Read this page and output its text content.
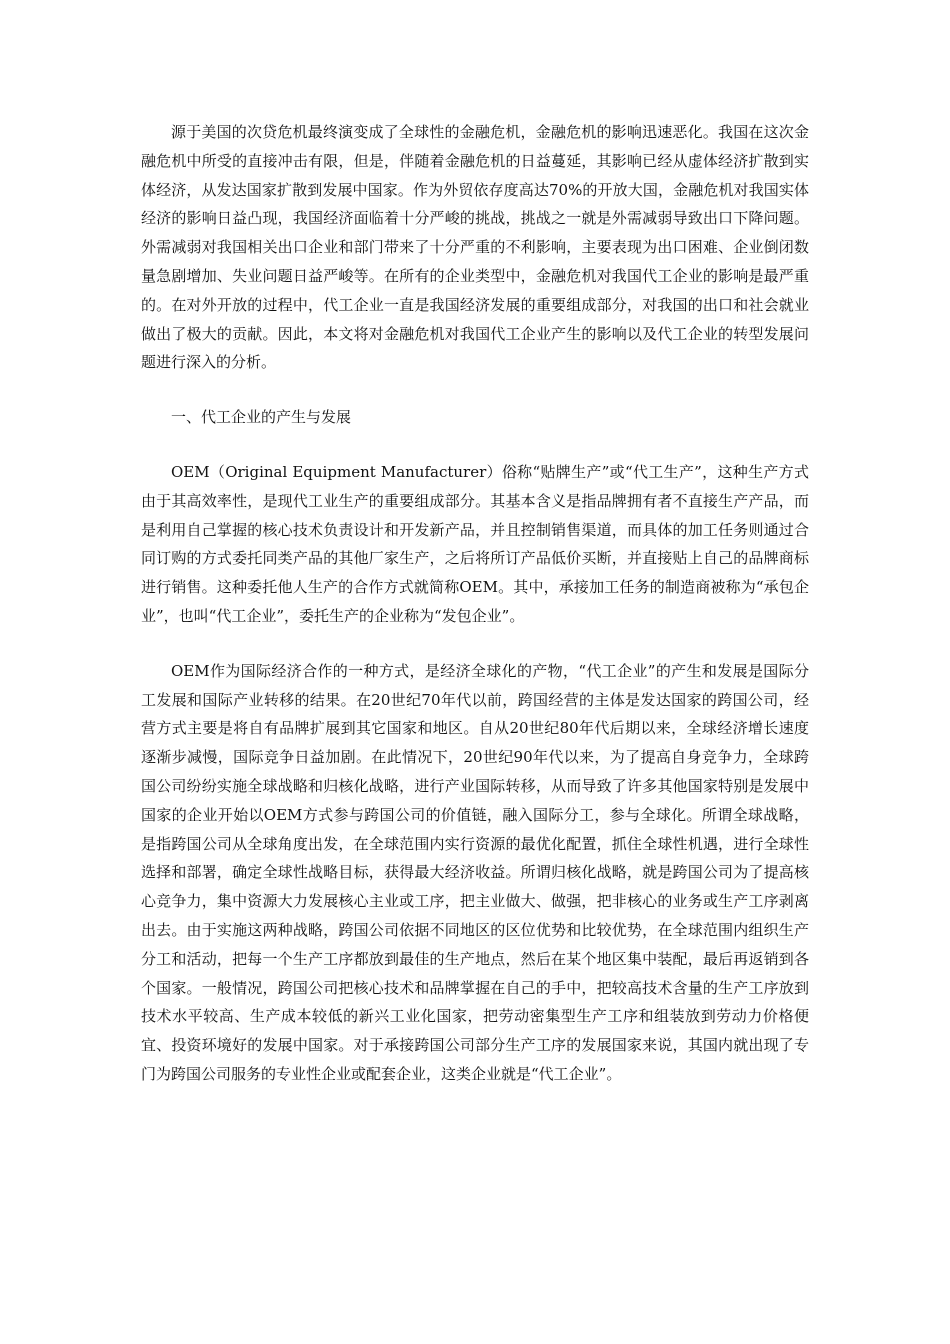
源于美国的次贷危机最终演变成了全球性的金融危机，金融危机的影响迅速恶化。我国在这次金融危机中所受的直接冲击有限，但是，伴随着金融危机的日益蔓延，其影响已经从虚体经济扩散到实体经济，从发达国家扩散到发展中国家。作为外贸依存度高达70%的开放大国，金融危机对我国实体经济的影响日益凸现，我国经济面临着十分严峻的挑战，挑战之一就是外需减弱导致出口下降问题。外需减弱对我国相关出口企业和部门带来了十分严重的不利影响，主要表现为出口困难、企业倒闭数量急剧增加、失业问题日益严峻等。在所有的企业类型中，金融危机对我国代工企业的影响是最严重的。在对外开放的过程中，代工企业一直是我国经济发展的重要组成部分，对我国的出口和社会就业做出了极大的贡献。因此，本文将对金融危机对我国代工企业产生的影响以及代工企业的转型发展问题进行深入的分析。

一、代工企业的产生与发展

OEM（Original Equipment Manufacturer）俗称“贴牌生产”或“代工生产”，这种生产方式由于其高效率性，是现代工业生产的重要组成部分。其基本含义是指品牌拥有者不直接生产产品，而是利用自己掌握的核心技术负责设计和开发新产品，并且控制销售渠道，而具体的加工任务则通过合同订购的方式委托同类产品的其他厂家生产，之后将所订产品低价买断，并直接贴上自己的品牌商标进行销售。这种委托他人生产的合作方式就简称OEM。其中，承接加工任务的制造商被称为“承包企业”，也叫“代工企业”，委托生产的企业称为“发包企业”。

OEM作为国际经济合作的一种方式，是经济全球化的产物，“代工企业”的产生和发展是国际分工发展和国际产业转移的结果。在20世纪70年代以前，跨国经营的主体是发达国家的跨国公司，经营方式主要是将自有品牌扩展到其它国家和地区。自从20世纪80年代后期以来，全球经济增长速度逐渐步减慢，国际竞争日益加剧。在此情况下，20世纪90年代以来，为了提高自身竞争力，全球跨国公司纷纷实施全球战略和归核化战略，进行产业国际转移，从而导致了许多其他国家特别是发展中国家的企业开始以OEM方式参与跨国公司的价值链，融入国际分工，参与全球化。所谓全球战略，是指跨国公司从全球角度出发，在全球范围内实行资源的最优化配置，抓住全球性机遇，进行全球性选择和部署，确定全球性战略目标，获得最大经济收益。所谓归核化战略，就是跨国公司为了提高核心竞争力，集中资源大力发展核心主业或工序，把主业做大、做强，把非核心的业务或生产工序剥离出去。由于实施这两种战略，跨国公司依据不同地区的区位优势和比较优势，在全球范围内组织生产分工和活动，把每一个生产工序都放到最佳的生产地点，然后在某个地区集中装配，最后再返销到各个国家。一般情况，跨国公司把核心技术和品牌掌握在自己的手中，把较高技术含量的生产工序放到技术水平较高、生产成本较低的新兴工业化国家，把劳动密集型生产工序和组装放到劳动力价格便宜、投资环境好的发展中国家。对于承接跨国公司部分生产工序的发展国家来说，其国内就出现了专门为跨国公司服务的专业性企业或配套企业，这类企业就是“代工企业”。
